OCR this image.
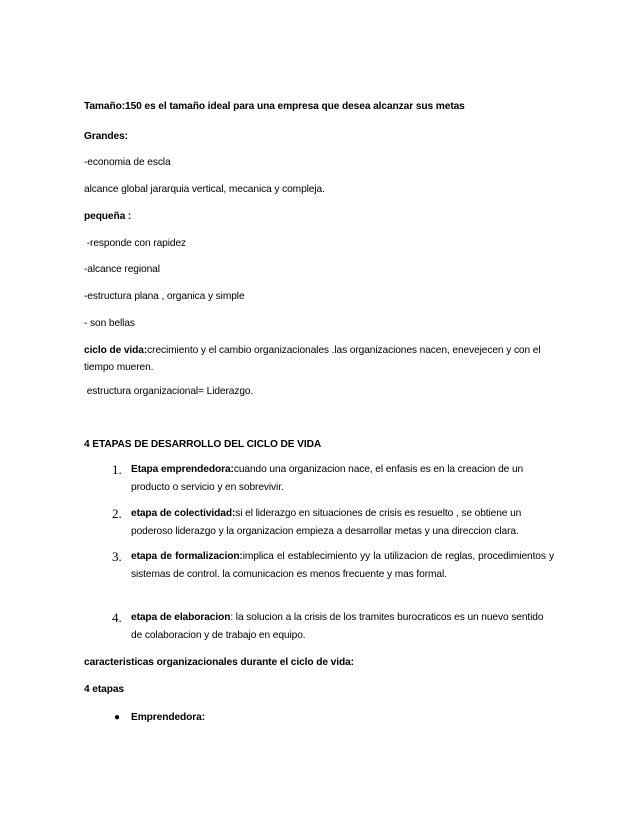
Tamaño:150 es el tamaño ideal para una empresa que desea alcanzar sus metas

Grandes:

-economia de escla

alcance global jararquia vertical, mecanica y compleja.

pequeña :

-responde con rapidez

-alcance regional

-estructura plana , organica y simple

- son bellas

ciclo de vida:crecimiento y el cambio organizacionales .las organizaciones nacen, enevejecen y con el tiempo mueren.

estructura organizacional= Liderazgo.

4 ETAPAS DE DESARROLLO DEL CICLO DE VIDA

1. Etapa emprendedora:cuando una organizacion nace, el enfasis es en la creacion de un producto o servicio y en sobrevivir.

2. etapa de colectividad:si el liderazgo en situaciones de crisis es resuelto , se obtiene un poderoso liderazgo y la organizacion empieza a desarrollar metas y una direccion clara.

3. etapa de formalizacion:implica el establecimiento yy la utilizacion de reglas, procedimientos y sistemas de control. la comunicacion es menos frecuente y mas formal.

4. etapa de elaboracion: la solucion a la crisis de los tramites burocraticos es un nuevo sentido de colaboracion y de trabajo en equipo.

caracteristicas organizacionales durante el ciclo de vida:

4 etapas

●	Emprendedora:
